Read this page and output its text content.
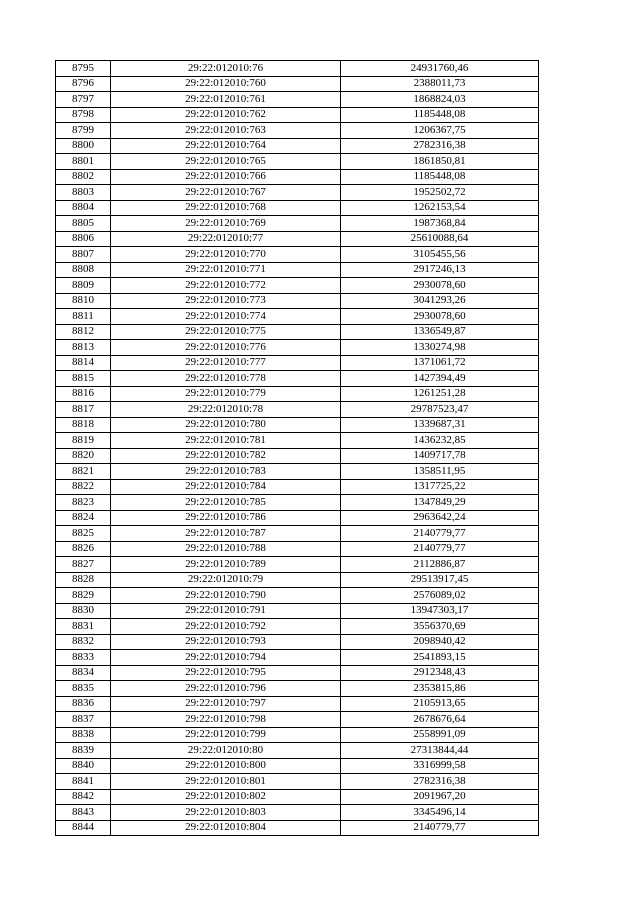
8795	29:22:012010:76	24931760,46
8796	29:22:012010:760	2388011,73
8797	29:22:012010:761	1868824,03
8798	29:22:012010:762	1185448,08
8799	29:22:012010:763	1206367,75
8800	29:22:012010:764	2782316,38
8801	29:22:012010:765	1861850,81
8802	29:22:012010:766	1185448,08
8803	29:22:012010:767	1952502,72
8804	29:22:012010:768	1262153,54
8805	29:22:012010:769	1987368,84
8806	29:22:012010:77	25610088,64
8807	29:22:012010:770	3105455,56
8808	29:22:012010:771	2917246,13
8809	29:22:012010:772	2930078,60
8810	29:22:012010:773	3041293,26
8811	29:22:012010:774	2930078,60
8812	29:22:012010:775	1336549,87
8813	29:22:012010:776	1330274,98
8814	29:22:012010:777	1371061,72
8815	29:22:012010:778	1427394,49
8816	29:22:012010:779	1261251,28
8817	29:22:012010:78	29787523,47
8818	29:22:012010:780	1339687,31
8819	29:22:012010:781	1436232,85
8820	29:22:012010:782	1409717,78
8821	29:22:012010:783	1358511,95
8822	29:22:012010:784	1317725,22
8823	29:22:012010:785	1347849,29
8824	29:22:012010:786	2963642,24
8825	29:22:012010:787	2140779,77
8826	29:22:012010:788	2140779,77
8827	29:22:012010:789	2112886,87
8828	29:22:012010:79	29513917,45
8829	29:22:012010:790	2576089,02
8830	29:22:012010:791	13947303,17
8831	29:22:012010:792	3556370,69
8832	29:22:012010:793	2098940,42
8833	29:22:012010:794	2541893,15
8834	29:22:012010:795	2912348,43
8835	29:22:012010:796	2353815,86
8836	29:22:012010:797	2105913,65
8837	29:22:012010:798	2678676,64
8838	29:22:012010:799	2558991,09
8839	29:22:012010:80	27313844,44
8840	29:22:012010:800	3316999,58
8841	29:22:012010:801	2782316,38
8842	29:22:012010:802	2091967,20
8843	29:22:012010:803	3345496,14
8844	29:22:012010:804	2140779,77
